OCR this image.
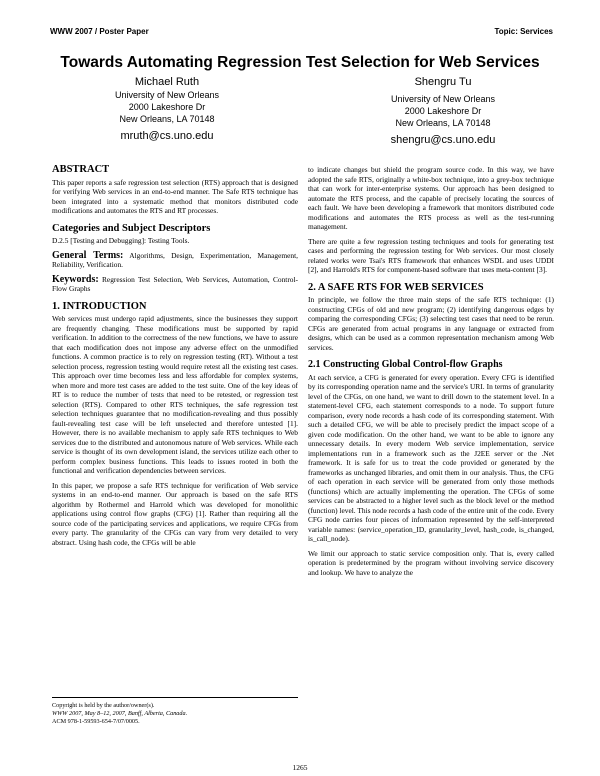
WWW 2007 / Poster Paper	Topic: Services
Towards Automating Regression Test Selection for Web Services
Michael Ruth
University of New Orleans
2000 Lakeshore Dr
New Orleans, LA 70148
mruth@cs.uno.edu
Shengru Tu
University of New Orleans
2000 Lakeshore Dr
New Orleans, LA 70148
shengru@cs.uno.edu
ABSTRACT

This paper reports a safe regression test selection (RTS) approach that is designed for verifying Web services in an end-to-end manner. The Safe RTS technique has been integrated into a systematic method that monitors distributed code modifications and automates the RTS and RT processes.

Categories and Subject Descriptors

D.2.5 [Testing and Debugging]: Testing Tools.

General Terms: Algorithms, Design, Experimentation, Management, Reliability, Verification.

Keywords: Regression Test Selection, Web Services, Automation, Control-Flow Graphs

1. INTRODUCTION

Web services must undergo rapid adjustments, since the businesses they support are frequently changing. These modifications must be supported by rapid verification. In addition to the correctness of the new functions, we have to assure that each modification does not impose any adverse effect on the unmodified functions. A common practice is to rely on regression testing (RT). Without a test selection process, regression testing would require retest all the existing test cases. This approach over time becomes less and less affordable for complex systems, when more and more test cases are added to the test suite. One of the key ideas of RT is to reduce the number of tests that need to be retested, or regression test selection (RTS). Compared to other RTS techniques, the safe regression test selection techniques guarantee that no modification-revealing and thus possibly fault-revealing test case will be left unselected and therefore untested [1]. However, there is no available mechanism to apply safe RTS techniques to Web services due to the distributed and autonomous nature of Web services. While each service is thought of its own development island, the services utilize each other to perform complex business functions. This leads to issues rooted in both the functional and verification dependencies between services.

In this paper, we propose a safe RTS technique for verification of Web service systems in an end-to-end manner. Our approach is based on the safe RTS algorithm by Rothermel and Harrold which was developed for monolithic applications using control flow graphs (CFG) [1]. Rather than requiring all the source code of the participating services and applications, we require CFGs from every party. The granularity of the CFGs can vary from very detailed to very abstract. Using hash code, the CFGs will be able

Copyright is held by the author/owner(s).
WWW 2007, May 8–12, 2007, Banff, Alberta, Canada.
ACM 978-1-59593-654-7/07/0005.

to indicate changes but shield the program source code. In this way, we have adopted the safe RTS, originally a white-box technique, into a grey-box technique that can work for inter-enterprise systems. Our approach has been designed to automate the RTS process, and the capable of precisely locating the sources of each fault. We have been developing a framework that monitors distributed code modifications and automates the RTS process as well as the test-running management.

There are quite a few regression testing techniques and tools for generating test cases and performing the regression testing for Web services. Our most closely related works were Tsai's RTS framework that enhances WSDL and uses UDDI [2], and Harrold's RTS for component-based software that uses meta-content [3].

2. A SAFE RTS FOR WEB SERVICES

In principle, we follow the three main steps of the safe RTS technique: (1) constructing CFGs of old and new program; (2) identifying dangerous edges by comparing the corresponding CFGs; (3) selecting test cases that need to be rerun. CFGs are generated from actual programs in any language or extracted from designs, which can be used as a common representation mechanism among Web services.

2.1 Constructing Global Control-flow Graphs

At each service, a CFG is generated for every operation. Every CFG is identified by its corresponding operation name and the service's URI. In terms of granularity level of the CFGs, on one hand, we want to drill down to the statement level. In a statement-level CFG, each statement corresponds to a node. To support future comparison, every node records a hash code of its corresponding statement. With such a detailed CFG, we will be able to precisely predict the impact scope of a given code modification. On the other hand, we want to be able to ignore any unnecessary details. In every modern Web service implementation, service implementations run in a framework such as the J2EE server or the .Net framework. It is safe for us to treat the code provided or generated by the frameworks as unchanged libraries, and omit them in our analysis. Thus, the CFG of each operation in each service will be generated from only those methods (functions) which are actually implementing the operation. The CFGs of some services can be abstracted to a higher level such as the block level or the method (function) level. This node records a hash code of the entire unit of the code. Every CFG node carries four pieces of information represented by the self-interpreted variable names: (service_operation_ID, granularity_level, hash_code, is_changed, is_call_node).

We limit our approach to static service composition only. That is, every called operation is predetermined by the program without involving service discovery and lookup. We have to analyze the

1265
